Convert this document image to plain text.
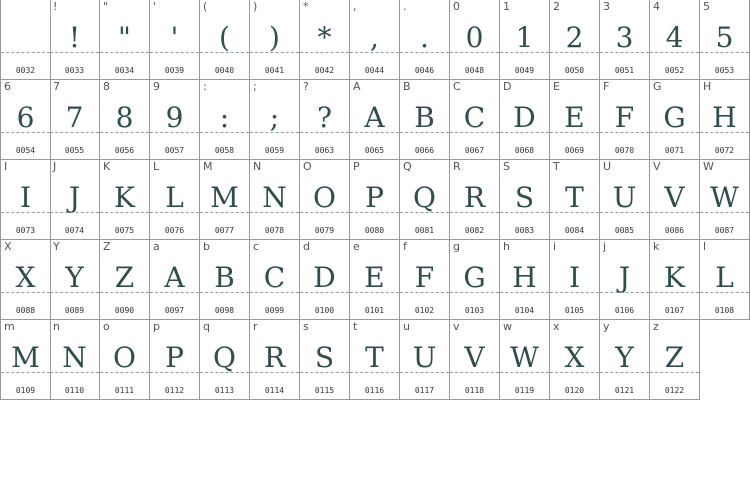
0032
!
!
0033
"
"
0034
'
'
0039
(
(
0040
)
)
0041
*
*
0042
,
,
0044
.
.
0046
0
0
0048
1
1
0049
2
2
0050
3
3
0051
4
4
0052
5
5
0053
6
6
0054
7
7
0055
8
8
0056
9
9
0057
:
:
0058
;
;
0059
?
?
0063
A
A
0065
B
B
0066
C
C
0067
D
D
0068
E
E
0069
F
F
0070
G
G
0071
H
H
0072
I
I
0073
J
J
0074
K
K
0075
L
L
0076
M
M
0077
N
N
0078
O
O
0079
P
P
0080
Q
Q
0081
R
R
0082
S
S
0083
T
T
0084
U
U
0085
V
V
0086
W
W
0087
X
X
0088
Y
Y
0089
Z
Z
0090
a
A
0097
b
B
0098
c
C
0099
d
D
0100
e
E
0101
f
F
0102
g
G
0103
h
H
0104
i
I
0105
j
J
0106
k
K
0107
l
L
0108
m
M
0109
n
N
0110
o
O
0111
p
P
0112
q
Q
0113
r
R
0114
s
S
0115
t
T
0116
u
U
0117
v
V
0118
w
W
0119
x
X
0120
y
Y
0121
z
Z
0122
